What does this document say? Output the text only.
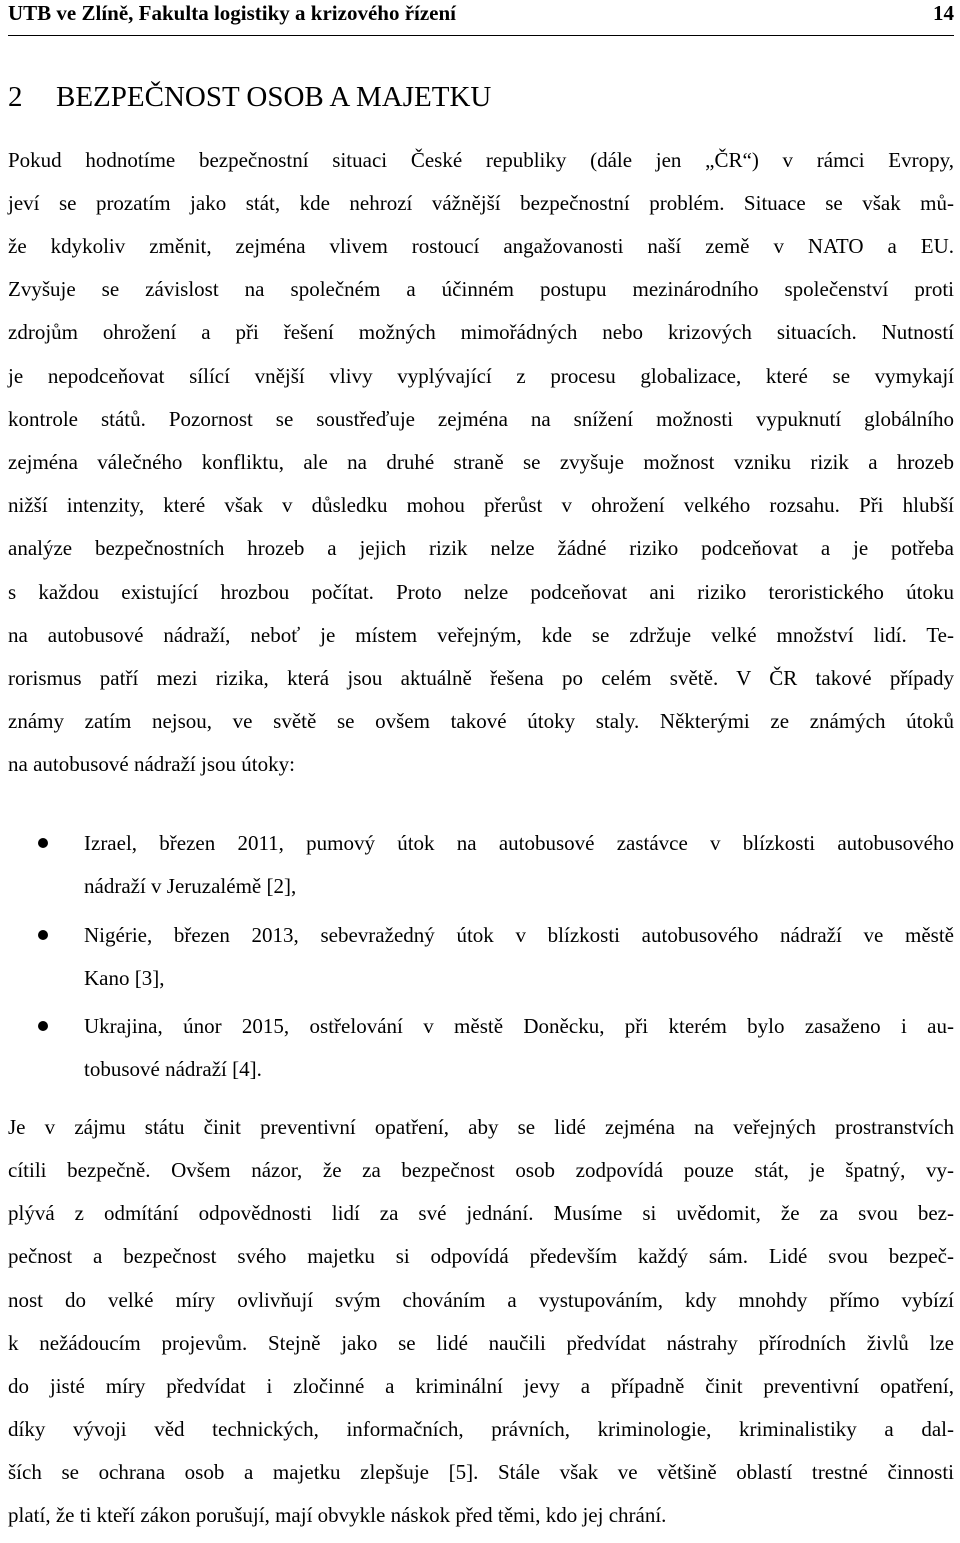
UTB ve Zlíně, Fakulta logistiky a krizového řízení	14
2 BEZPEČNOST OSOB A MAJETKU
Pokud hodnotíme bezpečnostní situaci České republiky (dále jen „ČR“) v rámci Evropy,
jeví se prozatím jako stát, kde nehrozí vážnější bezpečnostní problém. Situace se však mů-
že kdykoliv změnit, zejména vlivem rostoucí angažovanosti naší země v NATO a EU.
Zvyšuje se závislost na společném a účinném postupu mezinárodního společenství proti
zdrojům ohrožení a při řešení možných mimořádných nebo krizových situacích. Nutností
je nepodceňovat sílící vnější vlivy vyplývající z procesu globalizace, které se vymykají
kontrole států. Pozornost se soustřeďuje zejména na snížení možnosti vypuknutí globálního
zejména válečného konfliktu, ale na druhé straně se zvyšuje možnost vzniku rizik a hrozeb
nižší intenzity, které však v důsledku mohou přerůst v ohrožení velkého rozsahu. Při hlubší
analýze bezpečnostních hrozeb a jejich rizik nelze žádné riziko podceňovat a je potřeba
s každou existující hrozbou počítat. Proto nelze podceňovat ani riziko teroristického útoku
na autobusové nádraží, neboť je místem veřejným, kde se zdržuje velké množství lidí. Te-
rorismus patří mezi rizika, která jsou aktuálně řešena po celém světě. V ČR takové případy
známy zatím nejsou, ve světě se ovšem takové útoky staly. Některými ze známých útoků
na autobusové nádraží jsou útoky:
Izrael, březen 2011, pumový útok na autobusové zastávce v blízkosti autobusového
nádraží v Jeruzalémě [2],
Nigérie, březen 2013, sebevražedný útok v blízkosti autobusového nádraží ve městě
Kano [3],
Ukrajina, únor 2015, ostřelování v městě Doněcku, při kterém bylo zasaženo i au-
tobusové nádraží [4].
Je v zájmu státu činit preventivní opatření, aby se lidé zejména na veřejných prostranstvích
cítili bezpečně. Ovšem názor, že za bezpečnost osob zodpovídá pouze stát, je špatný, vy-
plývá z odmítání odpovědnosti lidí za své jednání. Musíme si uvědomit, že za svou bez-
pečnost a bezpečnost svého majetku si odpovídá především každý sám. Lidé svou bezpeč-
nost do velké míry ovlivňují svým chováním a vystupováním, kdy mnohdy přímo vybízí
k nežádoucím projevům. Stejně jako se lidé naučili předvídat nástrahy přírodních živlů lze
do jisté míry předvídat i zločinné a kriminální jevy a případně činit preventivní opatření,
díky vývoji věd technických, informačních, právních, kriminologie, kriminalistiky a dal-
ších se ochrana osob a majetku zlepšuje [5]. Stále však ve většině oblastí trestné činnosti
platí, že ti kteří zákon porušují, mají obvykle náskok před těmi, kdo jej chrání.
